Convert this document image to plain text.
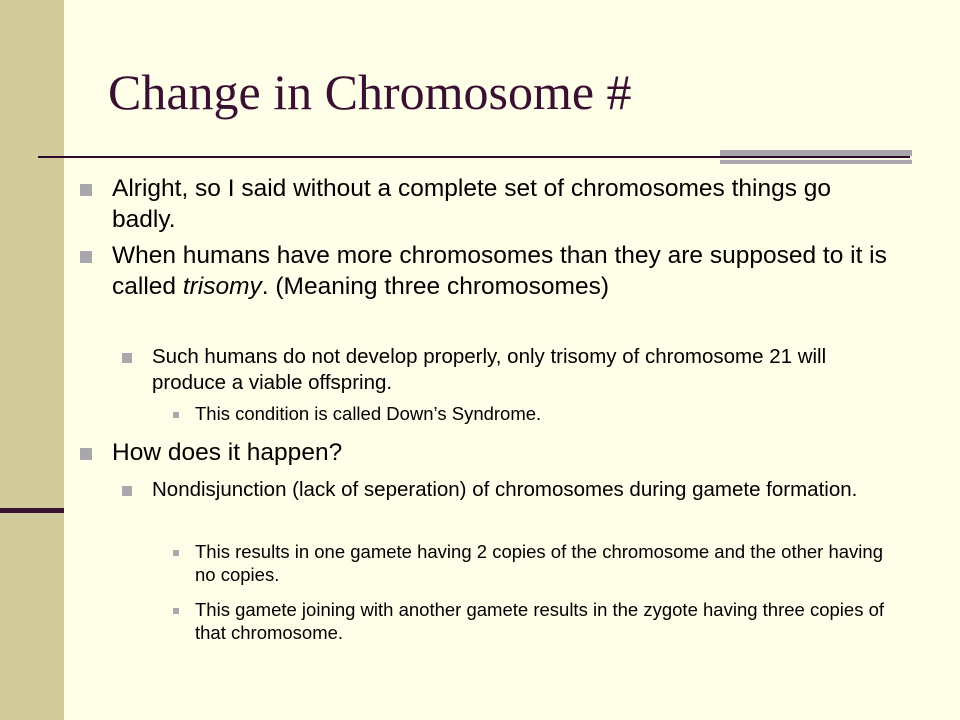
Change in Chromosome #

Alright, so I said without a complete set of chromosomes things go badly.

When humans have more chromosomes than they are supposed to it is called trisomy. (Meaning three chromosomes)

Such humans do not develop properly, only trisomy of chromosome 21 will produce a viable offspring.

This condition is called Down’s Syndrome.

How does it happen?

Nondisjunction (lack of seperation) of chromosomes during gamete formation.

This results in one gamete having 2 copies of the chromosome and the other having no copies.

This gamete joining with another gamete results in the zygote having three copies of that chromosome.
